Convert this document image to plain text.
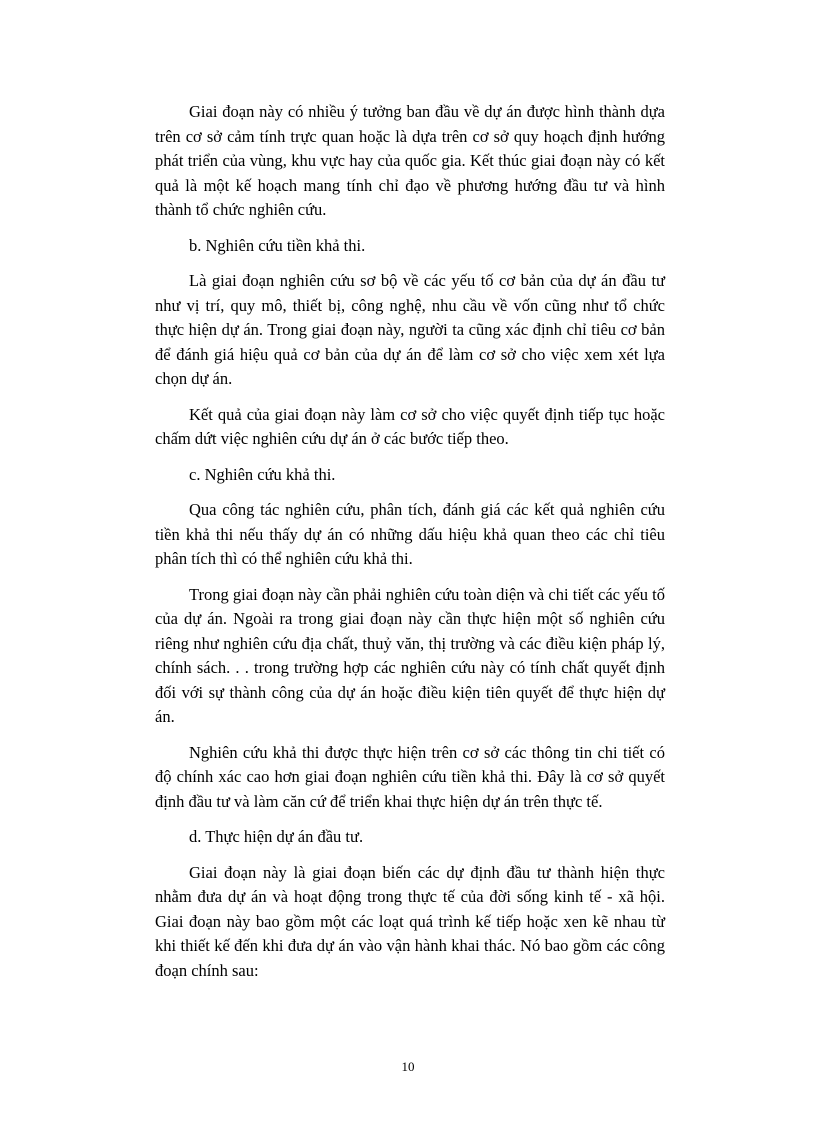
Giai đoạn này có nhiều ý tưởng ban đầu về dự án được hình thành dựa trên cơ sở cảm tính trực quan hoặc là dựa trên cơ sở quy hoạch định hướng phát triển của vùng, khu vực hay của quốc gia. Kết thúc giai đoạn này có kết quả là một kế hoạch mang tính chỉ đạo về phương hướng đầu tư và hình thành tổ chức nghiên cứu.

b. Nghiên cứu tiền khả thi.

Là giai đoạn nghiên cứu sơ bộ về các yếu tố cơ bản của dự án đầu tư như vị trí, quy mô, thiết bị, công nghệ, nhu cầu về vốn cũng như tổ chức thực hiện dự án. Trong giai đoạn này, người ta cũng xác định chỉ tiêu cơ bản để đánh giá hiệu quả cơ bản của dự án để làm cơ sở cho việc xem xét lựa chọn dự án.

Kết quả của giai đoạn này làm cơ sở cho việc quyết định tiếp tục hoặc chấm dứt việc nghiên cứu dự án ở các bước tiếp theo.

c. Nghiên cứu khả thi.

Qua công tác nghiên cứu, phân tích, đánh giá các kết quả nghiên cứu tiền khả thi nếu thấy dự án có những dấu hiệu khả quan theo các chỉ tiêu phân tích thì có thể nghiên cứu khả thi.

Trong giai đoạn này cần phải nghiên cứu toàn diện và chi tiết các yếu tố của dự án. Ngoài ra trong giai đoạn này cần thực hiện một số nghiên cứu riêng như nghiên cứu địa chất, thuỷ văn, thị trường và các điều kiện pháp lý, chính sách. . . trong trường hợp các nghiên cứu này có tính chất quyết định đối với sự thành công của dự án hoặc điều kiện tiên quyết để thực hiện dự án.

Nghiên cứu khả thi được thực hiện trên cơ sở các thông tin chi tiết có độ chính xác cao hơn giai đoạn nghiên cứu tiền khả thi. Đây là cơ sở quyết định đầu tư và làm căn cứ để triển khai thực hiện dự án trên thực tế.

d. Thực hiện dự án đầu tư.

Giai đoạn này là giai đoạn biến các dự định đầu tư thành hiện thực nhằm đưa dự án và hoạt động trong thực tế của đời sống kinh tế - xã hội. Giai đoạn này bao gồm một các loạt quá trình kế tiếp hoặc xen kẽ nhau từ khi thiết kế đến khi đưa dự án vào vận hành khai thác. Nó bao gồm các công đoạn chính sau:

10
